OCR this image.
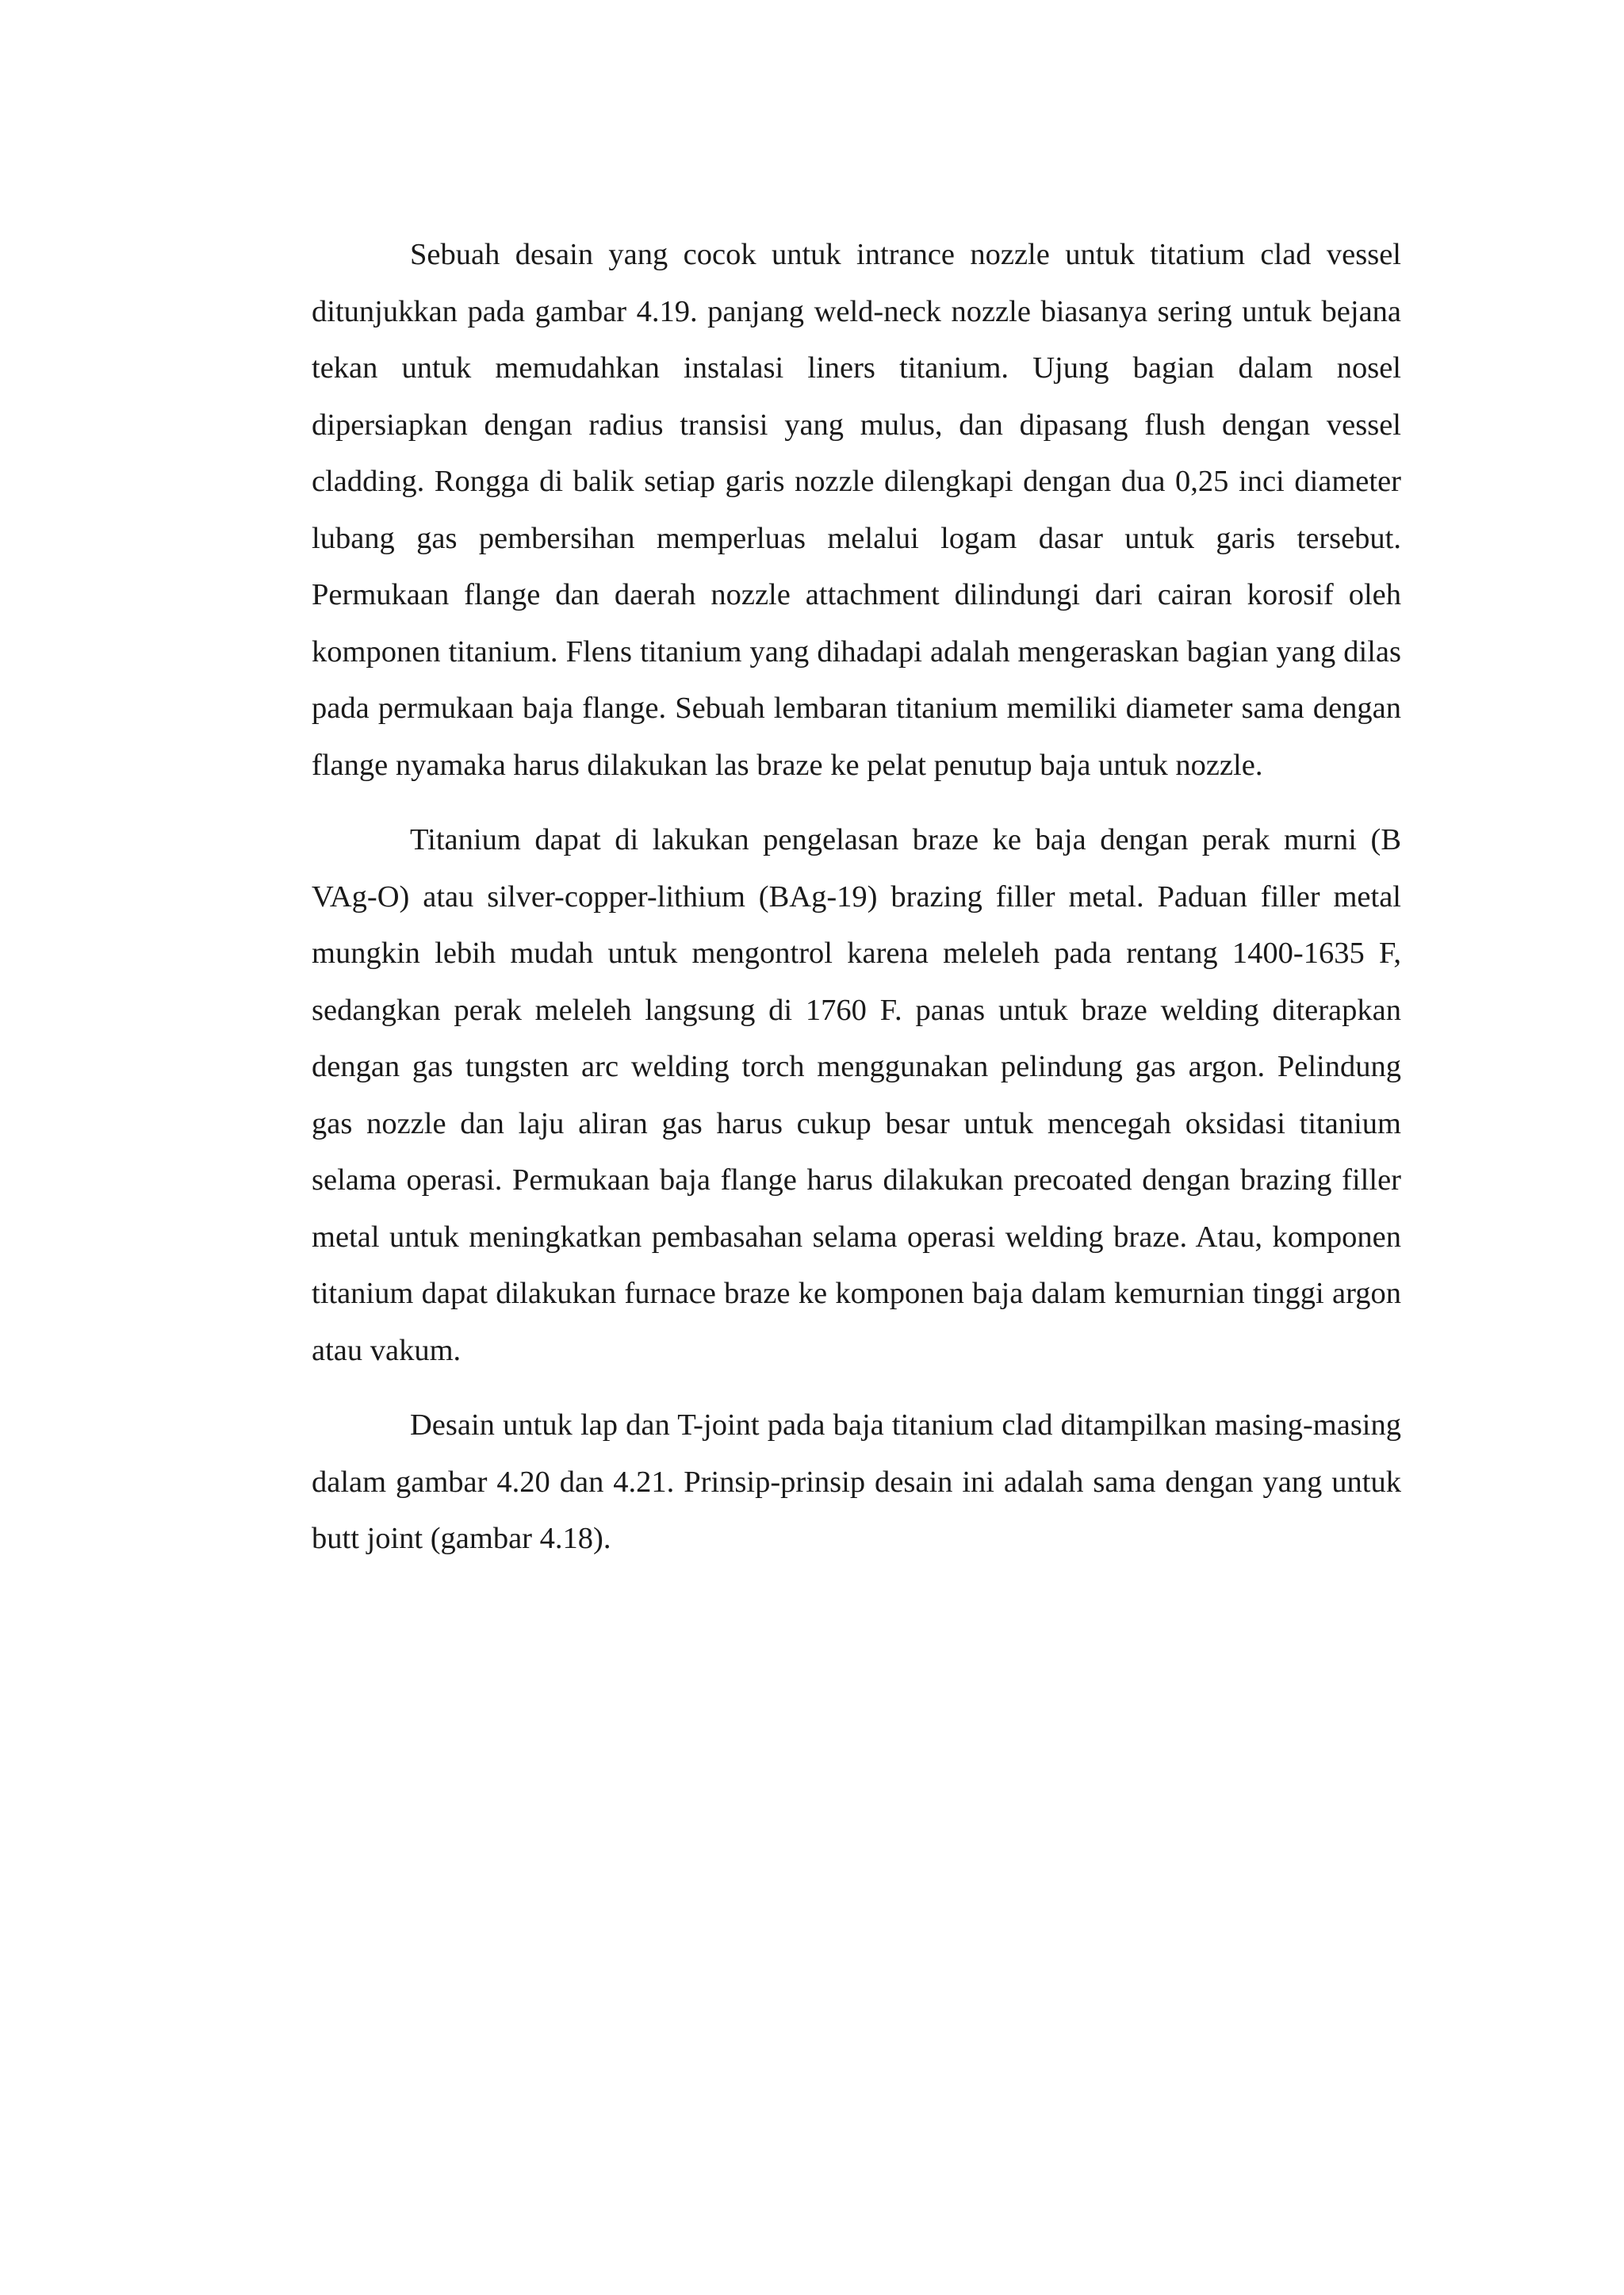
Sebuah desain yang cocok untuk intrance nozzle untuk titatium clad vessel ditunjukkan pada gambar 4.19. panjang weld-neck nozzle biasanya sering untuk bejana tekan untuk memudahkan instalasi liners titanium. Ujung bagian dalam nosel dipersiapkan dengan radius transisi yang mulus, dan dipasang flush dengan vessel cladding. Rongga di balik setiap garis nozzle dilengkapi dengan dua 0,25 inci diameter lubang gas pembersihan memperluas melalui logam dasar untuk garis tersebut. Permukaan flange dan daerah nozzle attachment dilindungi dari cairan korosif oleh komponen titanium. Flens titanium yang dihadapi adalah mengeraskan bagian yang dilas pada permukaan baja flange. Sebuah lembaran titanium memiliki diameter sama dengan flange nyamaka harus dilakukan las braze ke pelat penutup baja untuk nozzle.

Titanium dapat di lakukan pengelasan braze ke baja dengan perak murni (B VAg-O) atau silver-copper-lithium (BAg-19) brazing filler metal. Paduan filler metal mungkin lebih mudah untuk mengontrol karena meleleh pada rentang 1400-1635 F, sedangkan perak meleleh langsung di 1760 F. panas untuk braze welding diterapkan dengan gas tungsten arc welding torch menggunakan pelindung gas argon. Pelindung gas nozzle dan laju aliran gas harus cukup besar untuk mencegah oksidasi titanium selama operasi. Permukaan baja flange harus dilakukan precoated dengan brazing filler metal untuk meningkatkan pembasahan selama operasi welding braze. Atau, komponen titanium dapat dilakukan furnace braze ke komponen baja dalam kemurnian tinggi argon atau vakum.

Desain untuk lap dan T-joint pada baja titanium clad ditampilkan masing-masing dalam gambar 4.20 dan 4.21. Prinsip-prinsip desain ini adalah sama dengan yang untuk butt joint (gambar 4.18).
